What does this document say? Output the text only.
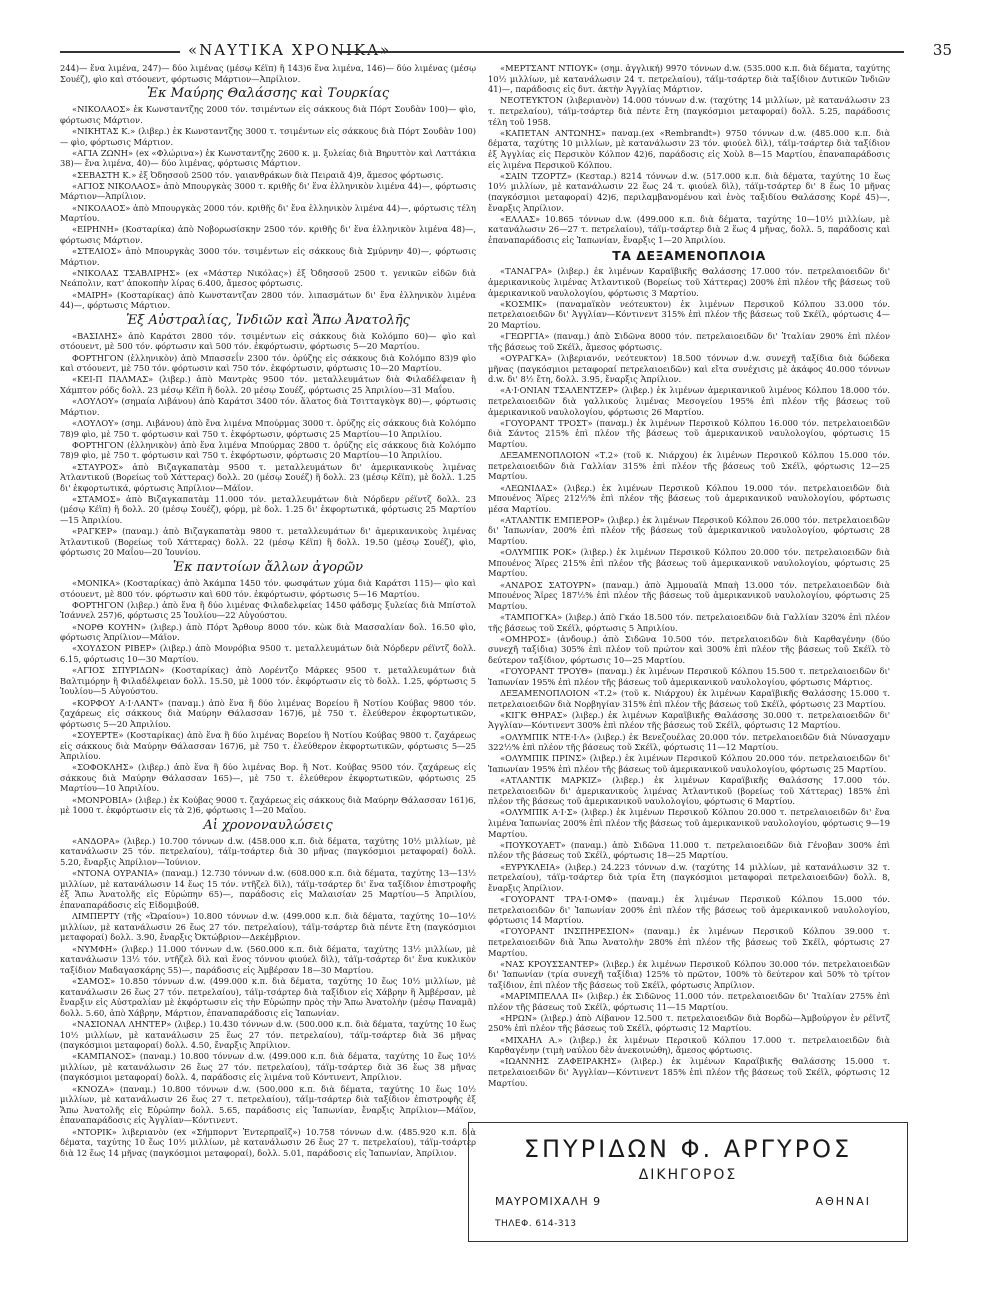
«ΝΑΥΤΙΚΑ ΧΡΟΝΙΚΑ»	35

244)— ἕνα λιμένα, 247)— δύο λιμένας (μέσῳ Κέϊπ) ἢ 143)6 ἕνα λιμένα, 146)— δύο λιμένας (μέσῳ Σουέζ), φὶο καὶ στόουεντ, φόρτωσις Μάρτιον—Ἀπρίλιον.

Ἐκ Μαύρης Θαλάσσης καὶ Τουρκίας

«ΝΙΚΟΛΑΟΣ» ἐκ Κωνσταντζης 2000 τόν. τσιμέντων εἰς σάκκους διὰ Πόρτ Σουδὰν 100)— φὶο, φόρτωσις Μάρτιον.

«ΝΙΚΗΤΑΣ Κ.» (λιβερ.) ἐκ Κωνσταντζης 3000 τ. τσιμέντων εἰς σάκκους διὰ Πόρτ Σουδὰν 100)— φὶο, φόρτωσις Μάρτιον.

«ΑΓΙΑ ΖΩΝΗ» (ex «Φλώρινα») ἐκ Κωνσταντζης 2600 κ. μ. ξυλείας διὰ Βηρυττὸν καὶ Λαττάκια 38)— ἕνα λιμένα, 40)— δύο λιμένας, φόρτωσις Μάρτιον.

«ΣΕΒΑΣΤΗ Κ.» ἐξ Ὀδησσοῦ 2500 τόν. γαιανθράκων διὰ Πειραιᾶ 4)9, ἄμεσος φόρτωσις.

«ΑΓΙΟΣ ΝΙΚΟΛΑΟΣ» ἀπὸ Μπουργκὰς 3000 τ. κριθῆς δι' ἕνα ἑλληνικὸν λιμένα 44)—, φόρτωσις Μάρτιον—Ἀπρίλιον.

«ΝΙΚΟΛΑΟΣ» ἀπὸ Μπουργκὰς 2000 τόν. κριθῆς δι' ἕνα ἑλληνικὸν λιμένα 44)—, φόρτωσις τέλη Μαρτίου.

«ΕΙΡΗΝΗ» (Κοσταρίκα) ἀπὸ Νοβορωσίσκην 2500 τόν. κριθῆς δι' ἕνα ἑλληνικὸν λιμένα 48)—, φόρτωσις Μάρτιον.

«ΣΤΕΛΙΟΣ» ἀπὸ Μπουργκὰς 3000 τόν. τσιμέντων εἰς σάκκους διὰ Σμύρνην 40)—, φόρτωσις Μάρτιον.

«ΝΙΚΟΛΑΣ ΤΣΑΒΛΙΡΗΣ» (ex «Μάστερ Νικόλας») ἐξ Ὀδησσοῦ 2500 τ. γενικῶν εἰδῶν διὰ Νεάπολιν, κατ' ἀποκοπὴν λίρας 6.400, ἄμεσος φόρτωσις.

«ΜΑΙΡΗ» (Κοσταρίκας) ἀπὸ Κωνσταντζαν 2800 τόν. λιπασμάτων δι' ἕνα ἑλληνικὸν λιμένα 44)—, φόρτωσις Μάρτιον.

Ἐξ Αὐστραλίας, Ἰνδιῶν καὶ Ἄπω Ἀνατολῆς

«ΒΑΣΙΛΗΣ» ἀπὸ Καράτσι 2800 τόν. τσιμέντων εἰς σάκκους διὰ Κολόμπο 60)— φὶο καὶ στόουεντ, μὲ 500 τόν. φόρτωσιν καὶ 500 τόν. ἐκφόρτωσιν, φόρτωσις 5—20 Μαρτίου.

ΦΟΡΤΗΓΟΝ (ἑλληνικὸν) ἀπὸ Μπασσεΐν 2300 τόν. ὀρύζης εἰς σάκκους διὰ Κολόμπο 83)9 φὶο καὶ στόουεντ, μὲ 750 τόν. φόρτωσιν καὶ 750 τόν. ἐκφόρτωσιν, φόρτωσις 10—20 Μαρτίου.

«ΚΕΙ-Π ΠΑΛΜΑΣ» (λιβερ.) ἀπὸ Μαντρὰς 9500 τόν. μεταλλευμάτων διὰ Φιλαδέλφειαν ἢ Χάμπτον ρόδς δολλ. 23 μέσῳ Κέϊπ ἢ δολλ. 20 μέσῳ Σουέζ, φόρτωσις 25 Ἀπριλίου—31 Μαΐου.

«ΛΟΥΛΟΥ» (σημαία Λιβάνου) ἀπὸ Καράτσι 3400 τόν. ἅλατος διὰ Τσιτταγκὸγκ 80)—, φόρτωσις Μάρτιον.

«ΛΟΥΛΟΥ» (σημ. Λιβάνου) ἀπὸ ἕνα λιμένα Μπούρμας 3000 τ. ὀρύζης εἰς σάκκους διὰ Κολόμπο 78)9 φὶο, μὲ 750 τ. φόρτωσιν καὶ 750 τ. ἐκφόρτωσιν, φόρτωσις 25 Μαρτίου—10 Ἀπριλίου.

ΦΟΡΤΗΓΟΝ (ἑλληνικὸν) ἀπὸ ἕνα λιμένα Μπούρμας 2800 τ. ὀρύζης εἰς σάκκους διὰ Κολόμπο 78)9 φὶο, μὲ 750 τ. φόρτωσιν καὶ 750 τ. ἐκφόρτωσιν, φόρτωσις 20 Μαρτίου—10 Ἀπριλίου.

«ΣΤΑΥΡΟΣ» ἀπὸ Βιζαγκαπατὰμ 9500 τ. μεταλλευμάτων δι' ἀμερικανικοὺς λιμένας Ἀτλαντικοῦ (Βορείως τοῦ Χάττερας) δολλ. 20 (μέσῳ Σουέζ) ἢ δολλ. 23 (μέσῳ Κέϊπ), μὲ δολλ. 1.25 δι' ἐκφορτωτικά, φόρτωσις Ἀπρίλιον—Μάϊον.

«ΣΤΑΜΟΣ» ἀπὸ Βιζαγκαπατὰμ 11.000 τόν. μεταλλευμάτων διὰ Νόρδερν ρέϊντζ δολλ. 23 (μέσῳ Κέϊπ) ἢ δολλ. 20 (μέσῳ Σουέζ), φόρμ, μὲ δολ. 1.25 δι' ἐκφορτωτικά, φόρτωσις 25 Μαρτίου—15 Ἀπριλίου.

«ΡΑΓΚΕΡ» (παναμ.) ἀπὸ Βιζαγκαπατὰμ 9800 τ. μεταλλευμάτων δι' ἀμερικανικοὺς λιμένας Ἀτλαντικοῦ (Βορείως τοῦ Χάττερας) δολλ. 22 (μέσῳ Κέϊπ) ἢ δολλ. 19.50 (μέσῳ Σουέζ), φὶο, φόρτωσις 20 Μαΐου—20 Ἰουνίου.

Ἐκ παντοίων ἄλλων ἀγορῶν

«ΜΟΝΙΚΑ» (Κοσταρίκας) ἀπὸ Ἀκάμπα 1450 τόν. φωσφάτων χύμα διὰ Καράτσι 115)— φὶο καὶ στόουεντ, μὲ 800 τόν. φόρτωσιν καὶ 600 τόν. ἐκφόρτωσιν, φόρτωσις 5—16 Μαρτίου.

ΦΟΡΤΗΓΟΝ (λιβερ.) ἀπὸ ἕνα ἢ δύο λιμένας Φιλαδελφείας 1450 φάδσμς ξυλείας διὰ Μπίστολ Ἰσάννελ 257)6, φόρτωσις 25 Ἰουλίου—22 Αὐγούστου.

«ΝΟΡΘ ΚΟΥΗΝ» (λιβερ.) ἀπὸ Πόρτ Ἄρθουρ 8000 τόν. κὼκ διὰ Μασσαλίαν δολ. 16.50 φὶο, φόρτωσις Ἀπρίλιον—Μάϊον.

«ΧΟΥΔΣΟΝ ΡΙΒΕΡ» (λιβερ.) ἀπὸ Μονρόβια 9500 τ. μεταλλευμάτων διὰ Νόρδερν ρέϊντζ δολλ. 6.15, φόρτωσις 10—30 Μαρτίου.

«ΑΓΙΟΣ ΣΠΥΡΙΔΩΝ» (Κοσταρίκας) ἀπὸ Λορέντζο Μάρκες 9500 τ. μεταλλευμάτων διὰ Βαλτιμόρην ἢ Φιλαδέλφειαν δολλ. 15.50, μὲ 1000 τόν. ἐκφόρτωσιν εἰς τὸ δολλ. 1.25, φόρτωσις 5 Ἰουλίου—5 Αὐγούστου.

«ΚΟΡΦΟΥ Α·Ι·ΛΑΝΤ» (παναμ.) ἀπὸ ἕνα ἢ δύο λιμένας Βορείου ἢ Νοτίου Κούβας 9800 τόν. ζαχάρεως εἰς σάκκους διὰ Μαύρην Θάλασσαν 167)6, μὲ 750 τ. ἐλεύθερον ἐκφορτωτικῶν, φόρτωσις 5—20 Ἀπριλίου.

«ΣΟΥΕΡΤΕ» (Κοσταρίκας) ἀπὸ ἕνα ἢ δύο λιμένας Βορείου ἢ Νοτίου Κούβας 9800 τ. ζαχάρεως εἰς σάκκους διὰ Μαύρην Θάλασσαν 167)6, μὲ 750 τ. ἐλεύθερον ἐκφορτωτικῶν, φόρτωσις 5—25 Ἀπριλίου.

«ΣΟΦΟΚΛΗΣ» (λιβερ.) ἀπὸ ἕνα ἢ δύο λιμένας Βορ. ἢ Νοτ. Κούβας 9500 τόν. ζαχάρεως εἰς σάκκους διὰ Μαύρην Θάλασσαν 165)—, μὲ 750 τ. ἐλεύθερον ἐκφορτωτικῶν, φόρτωσις 25 Μαρτίου—10 Ἀπριλίου.

«ΜΟΝΡΟΒΙΑ» (λιβερ.) ἐκ Κούβας 9000 τ. ζαχάρεως εἰς σάκκους διὰ Μαύρην Θάλασσαν 161)6, μὲ 1000 τ. ἐκφόρτωσιν εἰς τὰ 2)6, φόρτωσις 1—20 Μαΐου.

Αἱ χρονοναυλώσεις

«ΑΝΔΟΡΑ» (λιβερ.) 10.700 τόννων d.w. (458.000 κ.π. διὰ δέματα, ταχύτης 10½ μιλλίων, μὲ κατανάλωσιν 25 τόν. πετρελαίου), τάϊμ-τσάρτερ διὰ 30 μῆνας (παγκόσμιοι μεταφοραί) δολλ. 5.20, ἔναρξις Ἀπρίλιον—Ἰούνιον.

«ΝΤΟΝΑ ΟΥΡΑΝΙΑ» (παναμ.) 12.730 τόννων d.w. (608.000 κ.π. διὰ δέματα, ταχύτης 13—13½ μιλλίων, μὲ κατανάλωσιν 14 ἕως 15 τόν. ντῆζελ δὶλ), τάϊμ-τσάρτερ δι' ἕνα ταξίδιον ἐπιστροφῆς ἐξ Ἄπω Ἀνατολῆς εἰς Εὐρώπην 65)—, παράδοσις εἰς Μαλαισίαν 25 Μαρτίου—5 Ἀπριλίου, ἐπαναπαράδοσις εἰς Εἰδομιβούθ.

ΛΙΜΠΕΡΤΥ (τῆς «Ὠραίου») 10.800 τόννων d.w. (499.000 κ.π. διὰ δέματα, ταχύτης 10—10½ μιλλίων, μὲ κατανάλωσιν 26 ἕως 27 τόν. πετρελαίου), τάϊμ-τσάρτερ διὰ πέντε ἔτη (παγκόσμιοι μεταφοραί) δολλ. 3.90, ἔναρξις Ὀκτώβριον—Δεκέμβριον.

«ΝΥΜΦΗ» (λιβερ.) 11.000 τόννων d.w. (560.000 κ.π. διὰ δέματα, ταχύτης 13½ μιλλίων, μὲ κατανάλωσιν 13½ τόν. ντῆζελ δὶλ καὶ ἕνος τόννου φιούελ δὶλ), τάϊμ-τσάρτερ δι' ἕνα κυκλικὸν ταξίδιον Μαδαγασκάρης 55)—, παράδοσις εἰς Ἀμβέρσαν 18—30 Μαρτίου.

«ΣΑΜΟΣ» 10.850 τόννων d.w. (499.000 κ.π. διὰ δέματα, ταχύτης 10 ἕως 10½ μιλλίων, μὲ κατανάλωσιν 26 ἕως 27 τόν. πετρελαίου), τάϊμ-τσάρτερ διὰ ταξίδιον εἰς Χάβρην ἢ Ἀμβέρσαν, μὲ ἔναρξιν εἰς Αὐστραλίαν μὲ ἐκφόρτωσιν εἰς τὴν Εὐρώπην πρὸς τὴν Ἄπω Ἀνατολὴν (μέσῳ Παναμᾶ) δολλ. 5.60, ἀπὸ Χάβρην, Μάρτιον, ἐπαναπαράδοσις εἰς Ἰαπωνίαν.

«ΝΑΣΙΟΝΑΛ ΛΗΝΤΕΡ» (λιβερ.) 10.430 τόννων d.w. (500.000 κ.π. διὰ δέματα, ταχύτης 10 ἕως 10½ μιλλίων, μὲ κατανάλωσιν 25 ἕως 27 τόν. πετρελαίου), τάϊμ-τσάρτερ διὰ 36 μῆνας (παγκόσμιοι μεταφοραί) δολλ. 4.50, ἔναρξις Ἀπρίλιον.

«ΚΑΜΠΑΝΟΣ» (παναμ.) 10.800 τόννων d.w. (499.000 κ.π. διὰ δέματα, ταχύτης 10 ἕως 10½ μιλλίων, μὲ κατανάλωσιν 26 ἕως 27 τόν. πετρελαίου), τάϊμ-τσάρτερ διὰ 36 ἕως 38 μῆνας (παγκόσμιοι μεταφοραί) δολλ. 4, παράδοσις εἰς λιμένα τοῦ Κόντινεντ, Ἀπρίλιον.

«ΚΝΟΖΑ» (παναμ.) 10.800 τόννων d.w. (500.000 κ.π. διὰ δέματα, ταχύτης 10 ἕως 10½ μιλλίων, μὲ κατανάλωσιν 26 ἕως 27 τ. πετρελαίου), τάϊμ-τσάρτερ διὰ ταξίδιον ἐπιστροφῆς ἐξ Ἄπω Ἀνατολῆς εἰς Εὐρώπην δολλ. 5.65, παράδοσις εἰς Ἰαπωνίαν, ἔναρξις Ἀπρίλιον—Μάϊον, ἐπαναπαράδοσις εἰς Ἀγγλίαν—Κόντινεντ.

«ΝΤΟΡΙΚ» λιβεριανὸν (ex «Σήμπορντ Ἐντερπραϊζ») 10.758 τόννων d.w. (485.920 κ.π. διὰ δέματα, ταχύτης 10 ἕως 10½ μιλλίων, μὲ κατανάλωσιν 26 ἕως 27 τ. πετρελαίου), τάϊμ-τσάρτερ διὰ 12 ἕως 14 μῆνας (παγκόσμιοι μεταφοραί), δολλ. 5.01, παράδοσις εἰς Ἰαπωνίαν, Ἀπρίλιον.

«ΜΕΡΤΣΑΝΤ ΝΤΙΟΥΚ» (σημ. ἀγγλική) 9970 τόννων d.w. (535.000 κ.π. διὰ δέματα, ταχύτης 10½ μιλλίων, μὲ κατανάλωσιν 24 τ. πετρελαίου), τάϊμ-τσάρτερ διὰ ταξίδιον Δυτικῶν Ἰνδιῶν 41)—, παράδοσις εἰς δυτ. ἀκτὴν Ἀγγλίας Μάρτιον.

ΝΕΟΤΕΥΚΤΟΝ (λιβεριανὸν) 14.000 τόννων d.w. (ταχύτης 14 μιλλίων, μὲ κατανάλωσιν 23 τ. πετρελαίου), τάϊμ-τσάρτερ διὰ πέντε ἔτη (παγκόσμιοι μεταφοραί) δολλ. 5.25, παράδοσις τέλη τοῦ 1958.

«ΚΑΠΕΤΑΝ ΑΝΤΩΝΗΣ» παναμ.(ex «Rembrandt») 9750 τόννων d.w. (485.000 κ.π. διὰ δέματα, ταχύτης 10 μιλλίων, μὲ κατανάλωσιν 23 τόν. φιούελ δὶλ), τάϊμ-τσάρτερ διὰ ταξίδιον ἐξ Ἀγγλίας εἰς Περσικὸν Κόλπον 42)6, παράδοσις εἰς Χοὺλ 8—15 Μαρτίου, ἐπαναπαράδοσις εἰς λιμένα Περσικοῦ Κόλπου.

«ΣΑΙΝ ΤΖΟΡΤΖ» (Κεσταρ.) 8214 τόννων d.w. (517.000 κ.π. διὰ δέματα, ταχύτης 10 ἕως 10½ μιλλίων, μὲ κατανάλωσιν 22 ἕως 24 τ. φιούελ δὶλ), τάϊμ-τσάρτερ δι' 8 ἕως 10 μῆνας (παγκόσμιοι μεταφοραί) 42)6, περιλαμβανομένου καὶ ἑνὸς ταξιδίου Θαλάσσης Κορέ 45)—, ἔναρξις Ἀπρίλιον.

«ΕΛΛΑΣ» 10.865 τόννων d.w. (499.000 κ.π. διὰ δέματα, ταχύτης 10—10½ μιλλίων, μὲ κατανάλωσιν 26—27 τ. πετρελαίου), τάϊμ-τσάρτερ διὰ 2 ἕως 4 μῆνας, δολλ. 5, παράδοσις καὶ ἐπαναπαράδοσις εἰς Ἰαπωνίαν, ἔναρξις 1—20 Ἀπριλίου.

ΤΑ ΔΕΞΑΜΕΝΟΠΛΟΙΑ

«ΤΑΝΑΓΡΑ» (λιβερ.) ἐκ λιμένων Καραϊβικῆς Θαλάσσης 17.000 τόν. πετρελαιοειδῶν δι' ἀμερικανικοὺς λιμένας Ἀτλαντικοῦ (Βορείως τοῦ Χάττερας) 200% ἐπὶ πλέον τῆς βάσεως τοῦ ἀμερικανικοῦ ναυλολογίου, φόρτωσις 3 Μαρτίου.

«ΚΟΣΜΙΚ» (παναμαϊκὸν νεότευκτον) ἐκ λιμένων Περσικοῦ Κόλπου 33.000 τόν. πετρελαιοειδῶν δι' Ἀγγλίαν—Κόντινεντ 315% ἐπὶ πλέον τῆς βάσεως τοῦ Σκέϊλ, φόρτωσις 4—20 Μαρτίου.

«ΓΕΩΡΓΙΑ» (παναμ.) ἀπὸ Σιδῶνα 8000 τόν. πετρελαιοειδῶν δι' Ἰταλίαν 290% ἐπὶ πλέον τῆς βάσεως τοῦ Σκέϊλ, ἄμεσος φόρτωσις.

«ΟΥΡΑΓΚΑ» (λιβεριανόν, νεότευκτον) 18.500 τόννων d.w. συνεχῆ ταξίδια διὰ δώδεκα μῆνας (παγκόσμιοι μεταφοραί πετρελαιοειδῶν) καὶ εἴτα συνέχισις μὲ ἀκάφος 40.000 τόννων d.w. δι' 8½ ἔτη, δολλ. 3.95, ἔναρξις Ἀπρίλιον.

«Α·Ι·ΟΝΙΑΝ ΤΣΑΛΕΝΤΖΕΡ» (λιβερ.) ἐκ λιμένων ἀμερικανικοῦ λιμένος Κόλπου 18.000 τόν. πετρελαιοειδῶν διὰ γαλλικοὺς λιμένας Μεσογείου 195% ἐπὶ πλέον τῆς βάσεως τοῦ ἀμερικανικοῦ ναυλολογίου, φόρτωσις 26 Μαρτίου.

«ΓΟΥΟΡΑΝΤ ΤΡΟΣΤ» (παναμ.) ἐκ λιμένων Περσικοῦ Κόλπου 16.000 τόν. πετρελαιοειδῶν διὰ Σάντος 215% ἐπὶ πλέον τῆς βάσεως τοῦ ἀμερικανικοῦ ναυλολογίου, φόρτωσις 15 Μαρτίου.

ΔΕΞΑΜΕΝΟΠΛΟΙΟΝ «Τ.2» (τοῦ κ. Νιάρχου) ἐκ λιμένων Περσικοῦ Κόλπου 15.000 τόν. πετρελαιοειδῶν διὰ Γαλλίαν 315% ἐπὶ πλέον τῆς βάσεως τοῦ Σκέϊλ, φόρτωσις 12—25 Μαρτίου.

«ΛΕΩΝΙΔΑΣ» (λιβερ.) ἐκ λιμένων Περσικοῦ Κόλπου 19.000 τόν. πετρελαιοειδῶν διὰ Μπουένος Ἄϊρες 212½% ἐπὶ πλέον τῆς βάσεως τοῦ ἀμερικανικοῦ ναυλολογίου, φόρτωσις μέσα Μαρτίου.

«ΑΤΛΑΝΤΙΚ ΕΜΠΕΡΟΡ» (λιβερ.) ἐκ λιμένων Περσικοῦ Κόλπου 26.000 τόν. πετρελαιοειδῶν δι' Ἰαπωνίαν, 200% ἐπὶ πλέον τῆς βάσεως τοῦ ἀμερικανικοῦ ναυλολογίου, φόρτωσις 28 Μαρτίου.

«ΟΛΥΜΠΙΚ ΡΟΚ» (λιβερ.) ἐκ λιμένων Περσικοῦ Κόλπου 20.000 τόν. πετρελαιοειδῶν διὰ Μπουένος Ἄϊρες 215% ἐπὶ πλέον τῆς βάσεως τοῦ ἀμερικανικοῦ ναυλολογίου, φόρτωσις 25 Μαρτίου.

«ΑΝΔΡΟΣ ΣΑΤΟΥΡΝ» (παναμ.) ἀπὸ Ἀμμουαϊὰ Μπαὴ 13.000 τόν. πετρελαιοειδῶν διὰ Μπουένος Ἄϊρες 187½% ἐπὶ πλέον τῆς βάσεως τοῦ ἀμερικανικοῦ ναυλολογίου, φόρτωσις 25 Μαρτίου.

«ΤΑΜΠΟΓΚΑ» (λιβερ.) ἀπὸ Γκάο 18.500 τόν. πετρελαιοειδῶν διὰ Γαλλίαν 320% ἐπὶ πλέον τῆς βάσεως τοῦ Σκέϊλ, φόρτωσις 5 Ἀπριλίου.

«ΟΜΗΡΟΣ» (ἀνδουρ.) ἀπὸ Σιδῶνα 10.500 τόν. πετρελαιοειδῶν διὰ Καρθαγένην (δύο συνεχῆ ταξίδια) 305% ἐπὶ πλέον τοῦ πρώτον καὶ 300% ἐπὶ πλέον τῆς βάσεως τοῦ Σκέϊλ τὸ δεύτερον ταξίδιον, φόρτωσις 10—25 Μαρτίου.

«ΓΟΥΟΡΑΝΤ ΤΡΟΥΘ» (παναμ.) ἐκ λιμένων Περσικοῦ Κόλπου 15.500 τ. πετρελαιοειδῶν δι' Ἰαπωνίαν 195% ἐπὶ πλέον τῆς βάσεως τοῦ ἀμερικανικοῦ ναυλολογίου, φόρτωσις Μάρτιος.

ΔΕΞΑΜΕΝΟΠΛΟΙΟΝ «Τ.2» (τοῦ κ. Νιάρχου) ἐκ λιμένων Καραϊβικῆς Θαλάσσης 15.000 τ. πετρελαιοειδῶν διὰ Νορβηγίαν 315% ἐπὶ πλέον τῆς βάσεως τοῦ Σκέϊλ, φόρτωσις 23 Μαρτίου.

«ΚΙΓΚ ΘΗΡΑΣ» (λιβερ.) ἐκ λιμένων Καραϊβικῆς Θαλάσσης 30.000 τ. πετρελαιοειδῶν δι' Ἀγγλίαν—Κόντινεντ 300% ἐπὶ πλέον τῆς βάσεως τοῦ Σκέϊλ, φόρτωσις 12 Μαρτίου.

«ΟΛΥΜΠΙΚ ΝΤΕ·Ι·Λ» (λιβερ.) ἐκ Βενεζουέλας 20.000 τόν. πετρελαιοειδῶν διὰ Νύνασχαμν 322½% ἐπὶ πλέον τῆς βάσεως τοῦ Σκέϊλ, φόρτωσις 11—12 Μαρτίου.

«ΟΛΥΜΠΙΚ ΠΡΙΝΣ» (λιβερ.) ἐκ λιμένων Περσικοῦ Κόλπου 20.000 τόν. πετρελαιοειδῶν δι' Ἰαπωνίαν 195% ἐπὶ πλέον τῆς βάσεως τοῦ ἀμερικανικοῦ ναυλολογίου, φόρτωσις 25 Μαρτίου.

«ΑΤΛΑΝΤΙΚ ΜΑΡΚΙΖ» (λιβερ.) ἐκ λιμένων Καραϊβικῆς Θαλάσσης 17.000 τόν. πετρελαιοειδῶν δι' ἀμερικανικοὺς λιμένας Ἀτλαντικοῦ (βορείως τοῦ Χάττερας) 185% ἐπὶ πλέον τῆς βάσεως τοῦ ἀμερικανικοῦ ναυλολογίου, φόρτωσις 6 Μαρτίου.

«ΟΛΥΜΠΙΚ Α·Ι·Σ» (λιβερ.) ἐκ λιμένων Περσικοῦ Κόλπου 20.000 τ. πετρελαιοειδῶν δι' ἕνα λιμένα Ἰαπωνίας 200% ἐπὶ πλέον τῆς βάσεως τοῦ ἀμερικανικοῦ ναυλολογίου, φόρτωσις 9—19 Μαρτίου.

«ΠΟΥΚΟΥΑΕΤ» (παναμ.) ἀπὸ Σιδῶνα 11.000 τ. πετρελαιοειδῶν διὰ Γένοβαν 300% ἐπὶ πλέον τῆς βάσεως τοῦ Σκέϊλ, φόρτωσις 18—25 Μαρτίου.

«ΕΥΡΥΚΛΕΙΑ» (λιβερ.) 24.223 τόννων d.w. (ταχύτης 14 μιλλίων, μὲ κατανάλωσιν 32 τ. πετρελαίου), τάϊμ-τσάρτερ διὰ τρία ἔτη (παγκόσμιοι μεταφοραὶ πετρελαιοειδῶν) δολλ. 8, ἔναρξις Ἀπρίλιον.

«ΓΟΥΟΡΑΝΤ ΤΡΑ·Ι·ΟΜΦ» (παναμ.) ἐκ λιμένων Περσικοῦ Κόλπου 15.000 τόν. πετρελαιοειδῶν δι' Ἰαπωνίαν 200% ἐπὶ πλέον τῆς βάσεως τοῦ ἀμερικανικοῦ ναυλολογίου, φόρτωσις 14 Μαρτίου.

«ΓΟΥΟΡΑΝΤ ΙΝΣΠΗΡΕΣΙΟΝ» (παναμ.) ἐκ λιμένων Περσικοῦ Κόλπου 39.000 τ. πετρελαιοειδῶν διὰ Ἄπω Ἀνατολὴν 280% ἐπὶ πλέον τῆς βάσεως τοῦ Σκέϊλ, φόρτωσις 27 Μαρτίου.

«ΝΑΣ ΚΡΟΥΣΣΑΝΤΕΡ» (λιβερ.) ἐκ λιμένων Περσικοῦ Κόλπου 30.000 τόν. πετρελαιοειδῶν δι' Ἰαπωνίαν (τρία συνεχῆ ταξίδια) 125% τὸ πρῶτον, 100% τὸ δεύτερον καὶ 50% τὸ τρίτον ταξίδιον, ἐπὶ πλέον τῆς βάσεως τοῦ Σκέϊλ, φόρτωσις Ἀπρίλιον.

«ΜΑΡΙΜΠΕΛΛΑ ΙΙ» (λιβερ.) ἐκ Σιδῶνος 11.000 τόν. πετρελαιοειδῶν δι' Ἰταλίαν 275% ἐπὶ πλέον τῆς βάσεως τοῦ Σκέϊλ, φόρτωσις 11—15 Μαρτίου.

«ΗΡΩΝ» (λιβερ.) ἀπὸ Λίβανον 12.500 τ. πετρελαιοειδῶν διὰ Βορδὼ—Ἀμβούργον ἐν ρέϊντζ 250% ἐπὶ πλέον τῆς βάσεως τοῦ Σκέϊλ, φόρτωσις 12 Μαρτίου.

«ΜΙΧΑΗΛ Α.» (λιβερ.) ἐκ λιμένων Περσικοῦ Κόλπου 17.000 τ. πετρελαιοειδῶν διὰ Καρθαγένην (τιμὴ ναύλου δὲν ἀνεκοινώθη), ἄμεσος φόρτωσις.

«ΙΩΑΝΝΗΣ ΖΑΦΕΙΡΑΚΗΣ» (λιβερ.) ἐκ λιμένων Καραϊβικῆς Θαλάσσης 15.000 τ. πετρελαιοειδῶν δι' Ἀγγλίαν—Κόντινεντ 185% ἐπὶ πλέον τῆς βάσεως τοῦ Σκέϊλ, φόρτωσις 12 Μαρτίου.

ΣΠΥΡΙΔΩΝ Φ. ΑΡΓΥΡΟΣ
ΔΙΚΗΓΟΡΟΣ
ΜΑΥΡΟΜΙΧΑΛΗ 9	ΑΘΗΝΑΙ
ΤΗΛΕΦ. 614-313
